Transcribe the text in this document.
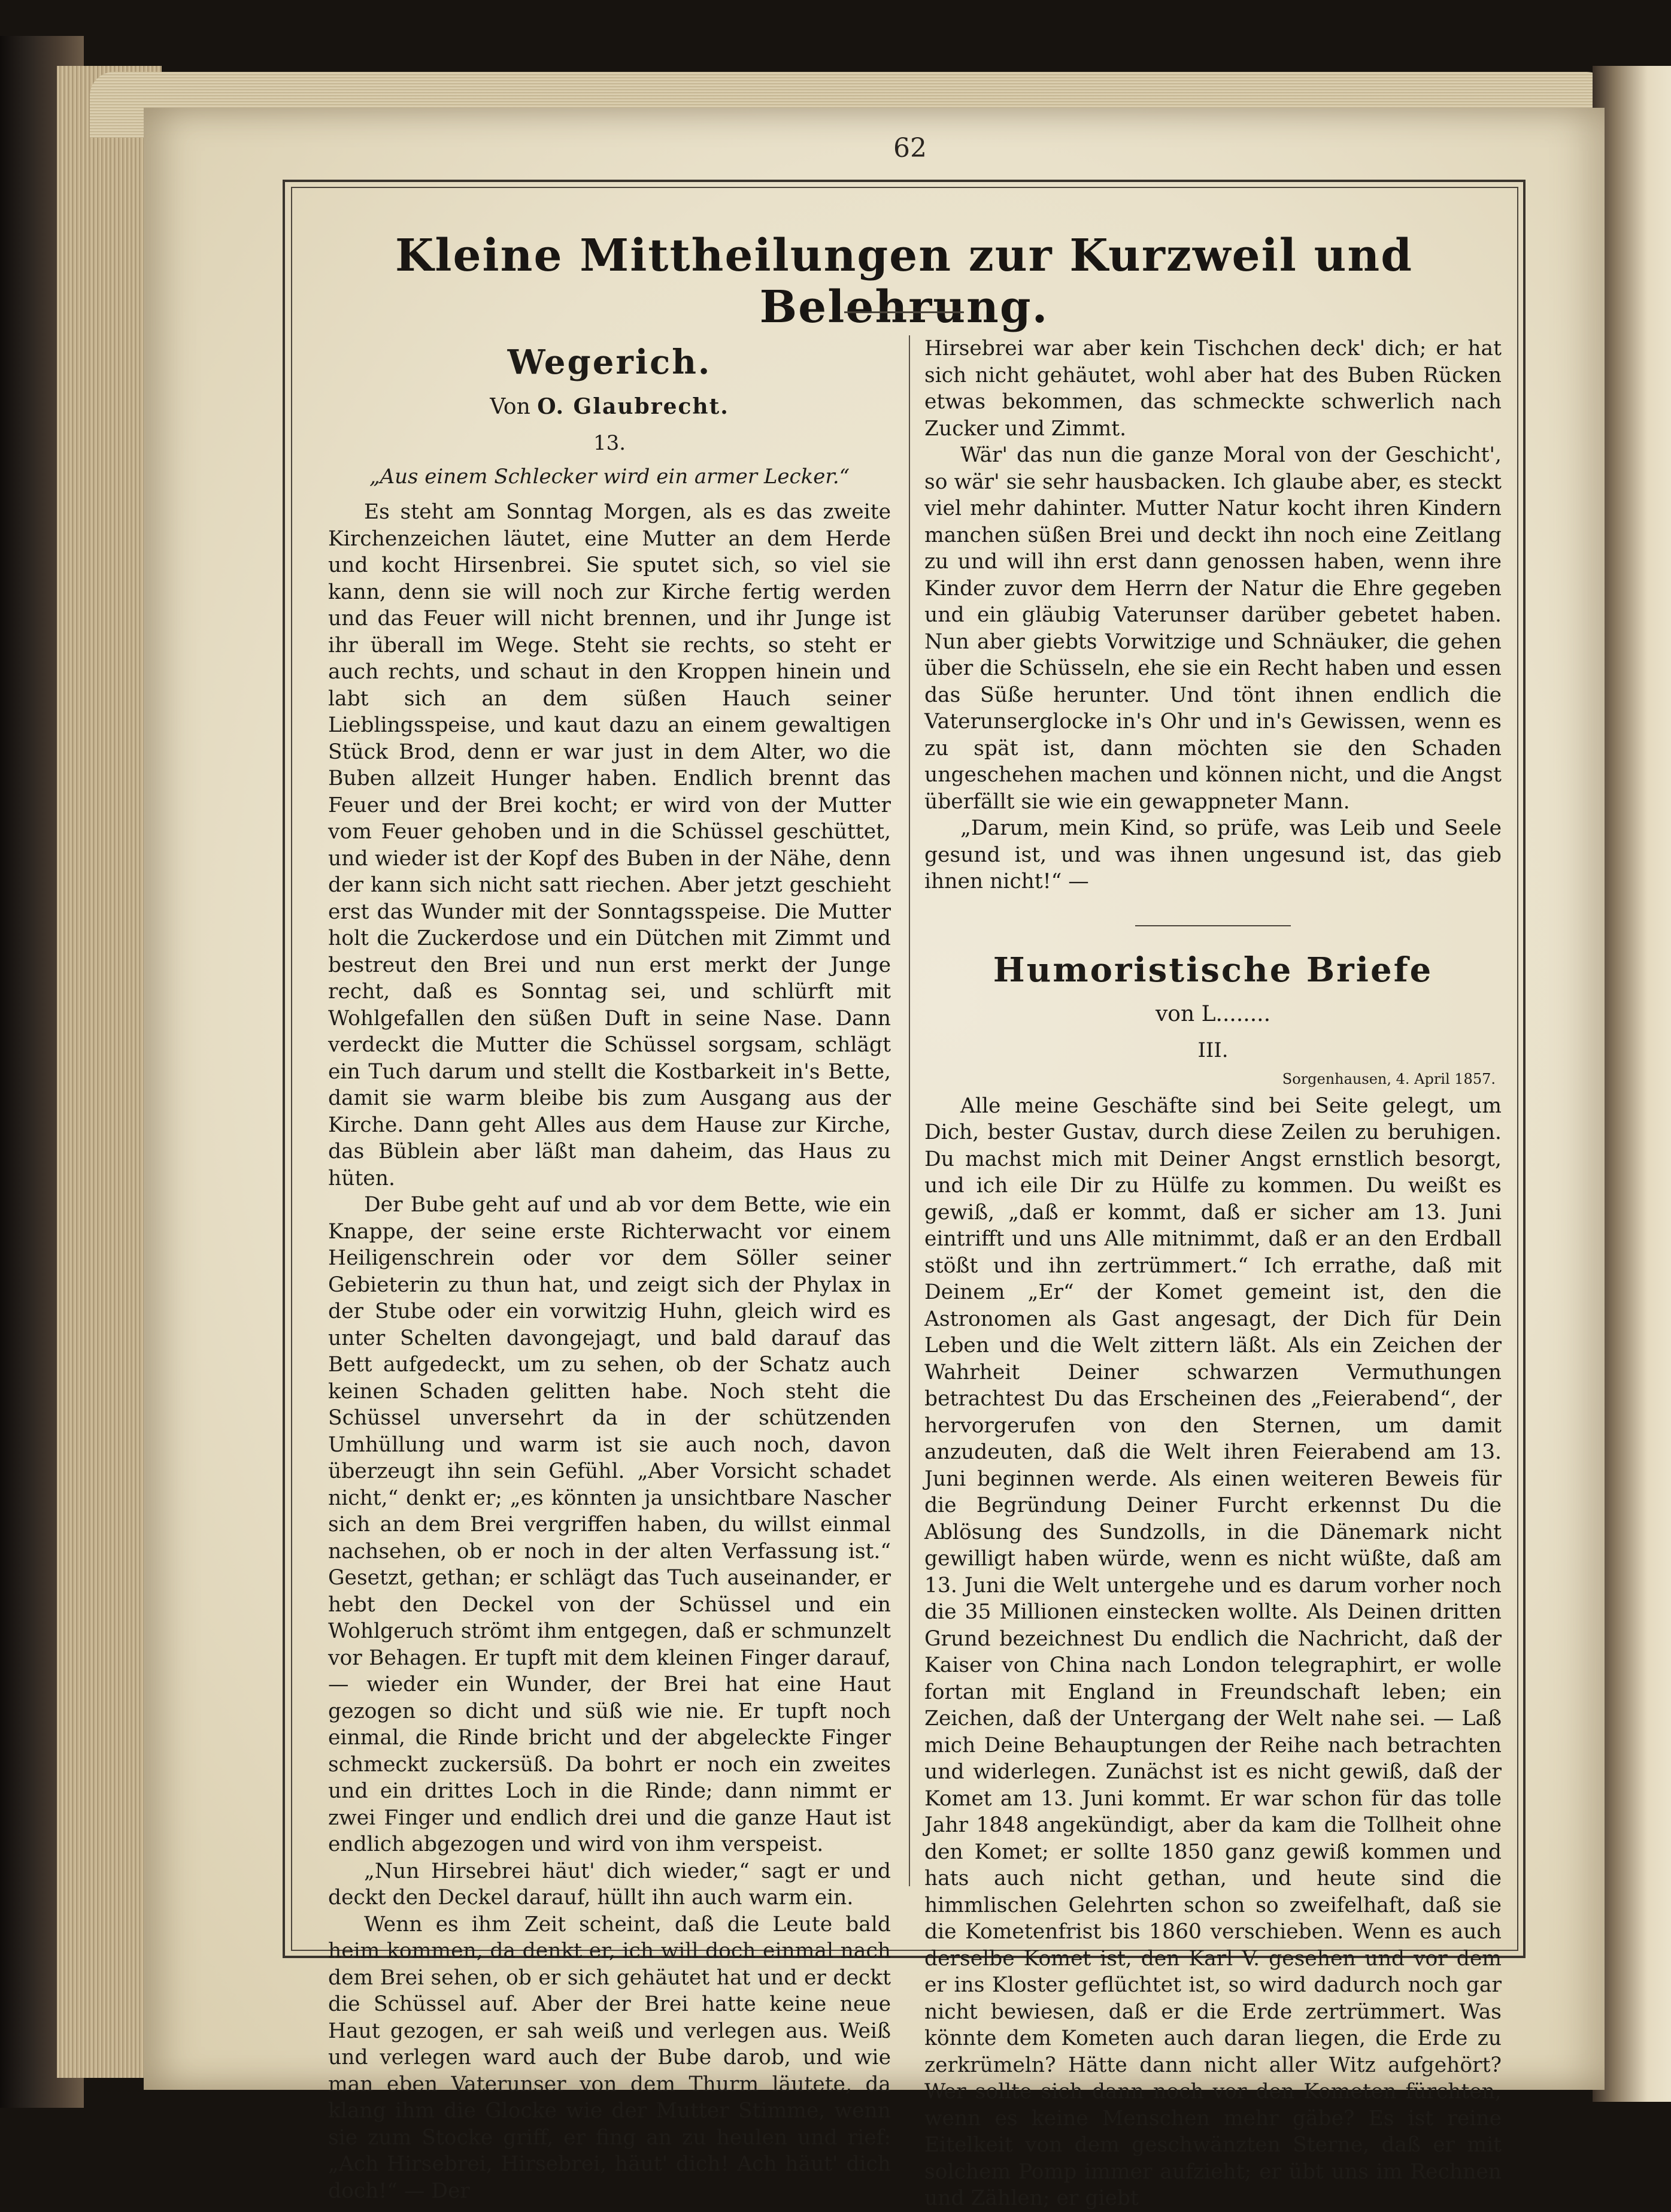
62
Kleine Mittheilungen zur Kurzweil und Belehrung.
Wegerich.
Von O. Glaubrecht.
13.
„Aus einem Schlecker wird ein armer Lecker.“

Es steht am Sonntag Morgen, als es das zweite Kirchenzeichen läutet, eine Mutter an dem Herde und kocht Hirsenbrei. Sie sputet sich, so viel sie kann, denn sie will noch zur Kirche fertig werden und das Feuer will nicht brennen, und ihr Junge ist ihr überall im Wege. Steht sie rechts, so steht er auch rechts, und schaut in den Kroppen hinein und labt sich an dem süßen Hauch seiner Lieblingsspeise, und kaut dazu an einem gewaltigen Stück Brod, denn er war just in dem Alter, wo die Buben allzeit Hunger haben. Endlich brennt das Feuer und der Brei kocht; er wird von der Mutter vom Feuer gehoben und in die Schüssel geschüttet, und wieder ist der Kopf des Buben in der Nähe, denn der kann sich nicht satt riechen. Aber jetzt geschieht erst das Wunder mit der Sonntagsspeise. Die Mutter holt die Zuckerdose und ein Dütchen mit Zimmt und bestreut den Brei und nun erst merkt der Junge recht, daß es Sonntag sei, und schlürft mit Wohlgefallen den süßen Duft in seine Nase. Dann verdeckt die Mutter die Schüssel sorgsam, schlägt ein Tuch darum und stellt die Kostbarkeit in's Bette, damit sie warm bleibe bis zum Ausgang aus der Kirche. Dann geht Alles aus dem Hause zur Kirche, das Büblein aber läßt man daheim, das Haus zu hüten.

Der Bube geht auf und ab vor dem Bette, wie ein Knappe, der seine erste Richterwacht vor einem Heiligenschrein oder vor dem Söller seiner Gebieterin zu thun hat, und zeigt sich der Phylax in der Stube oder ein vorwitzig Huhn, gleich wird es unter Schelten davongejagt, und bald darauf das Bett aufgedeckt, um zu sehen, ob der Schatz auch keinen Schaden gelitten habe. Noch steht die Schüssel unversehrt da in der schützenden Umhüllung und warm ist sie auch noch, davon überzeugt ihn sein Gefühl. „Aber Vorsicht schadet nicht,“ denkt er; „es könnten ja unsichtbare Nascher sich an dem Brei vergriffen haben, du willst einmal nachsehen, ob er noch in der alten Verfassung ist.“ Gesetzt, gethan; er schlägt das Tuch auseinander, er hebt den Deckel von der Schüssel und ein Wohlgeruch strömt ihm entgegen, daß er schmunzelt vor Behagen. Er tupft mit dem kleinen Finger darauf, — wieder ein Wunder, der Brei hat eine Haut gezogen so dicht und süß wie nie. Er tupft noch einmal, die Rinde bricht und der abgeleckte Finger schmeckt zuckersüß. Da bohrt er noch ein zweites und ein drittes Loch in die Rinde; dann nimmt er zwei Finger und endlich drei und die ganze Haut ist endlich abgezogen und wird von ihm verspeist.

„Nun Hirsebrei häut' dich wieder,“ sagt er und deckt den Deckel darauf, hüllt ihn auch warm ein.

Wenn es ihm Zeit scheint, daß die Leute bald heim kommen, da denkt er, ich will doch einmal nach dem Brei sehen, ob er sich gehäutet hat und er deckt die Schüssel auf. Aber der Brei hatte keine neue Haut gezogen, er sah weiß und verlegen aus. Weiß und verlegen ward auch der Bube darob, und wie man eben Vaterunser von dem Thurm läutete, da klang ihm die Glocke wie der Mutter Stimme, wenn sie zum Stocke griff, er fing an zu heulen und rief: „Ach Hirsebrei, Hirsebrei, häut' dich! Ach häut' dich doch!“ — Der

Hirsebrei war aber kein Tischchen deck' dich; er hat sich nicht gehäutet, wohl aber hat des Buben Rücken etwas bekommen, das schmeckte schwerlich nach Zucker und Zimmt.

Wär' das nun die ganze Moral von der Geschicht', so wär' sie sehr hausbacken. Ich glaube aber, es steckt viel mehr dahinter. Mutter Natur kocht ihren Kindern manchen süßen Brei und deckt ihn noch eine Zeitlang zu und will ihn erst dann genossen haben, wenn ihre Kinder zuvor dem Herrn der Natur die Ehre gegeben und ein gläubig Vaterunser darüber gebetet haben. Nun aber giebts Vorwitzige und Schnäuker, die gehen über die Schüsseln, ehe sie ein Recht haben und essen das Süße herunter. Und tönt ihnen endlich die Vaterunserglocke in's Ohr und in's Gewissen, wenn es zu spät ist, dann möchten sie den Schaden ungeschehen machen und können nicht, und die Angst überfällt sie wie ein gewappneter Mann.

„Darum, mein Kind, so prüfe, was Leib und Seele gesund ist, und was ihnen ungesund ist, das gieb ihnen nicht!“ —

Humoristische Briefe
von L........
III.
Sorgenhausen, 4. April 1857.

Alle meine Geschäfte sind bei Seite gelegt, um Dich, bester Gustav, durch diese Zeilen zu beruhigen. Du machst mich mit Deiner Angst ernstlich besorgt, und ich eile Dir zu Hülfe zu kommen. Du weißt es gewiß, „daß er kommt, daß er sicher am 13. Juni eintrifft und uns Alle mitnimmt, daß er an den Erdball stößt und ihn zertrümmert.“ Ich errathe, daß mit Deinem „Er“ der Komet gemeint ist, den die Astronomen als Gast angesagt, der Dich für Dein Leben und die Welt zittern läßt. Als ein Zeichen der Wahrheit Deiner schwarzen Vermuthungen betrachtest Du das Erscheinen des „Feierabend“, der hervorgerufen von den Sternen, um damit anzudeuten, daß die Welt ihren Feierabend am 13. Juni beginnen werde. Als einen weiteren Beweis für die Begründung Deiner Furcht erkennst Du die Ablösung des Sundzolls, in die Dänemark nicht gewilligt haben würde, wenn es nicht wüßte, daß am 13. Juni die Welt untergehe und es darum vorher noch die 35 Millionen einstecken wollte. Als Deinen dritten Grund bezeichnest Du endlich die Nachricht, daß der Kaiser von China nach London telegraphirt, er wolle fortan mit England in Freundschaft leben; ein Zeichen, daß der Untergang der Welt nahe sei. — Laß mich Deine Behauptungen der Reihe nach betrachten und widerlegen. Zunächst ist es nicht gewiß, daß der Komet am 13. Juni kommt. Er war schon für das tolle Jahr 1848 angekündigt, aber da kam die Tollheit ohne den Komet; er sollte 1850 ganz gewiß kommen und hats auch nicht gethan, und heute sind die himmlischen Gelehrten schon so zweifelhaft, daß sie die Kometenfrist bis 1860 verschieben. Wenn es auch derselbe Komet ist, den Karl V. gesehen und vor dem er ins Kloster geflüchtet ist, so wird dadurch noch gar nicht bewiesen, daß er die Erde zertrümmert. Was könnte dem Kometen auch daran liegen, die Erde zu zerkrümeln? Hätte dann nicht aller Witz aufgehört? Wer sollte sich dann noch vor den Kometen fürchten, wenn es keine Menschen mehr gäbe? Es ist reine Eitelkeit von dem geschwänzten Sterne, daß er mit solchem Pomp immer aufzieht; er übt uns im Rechnen und Zählen; er giebt
